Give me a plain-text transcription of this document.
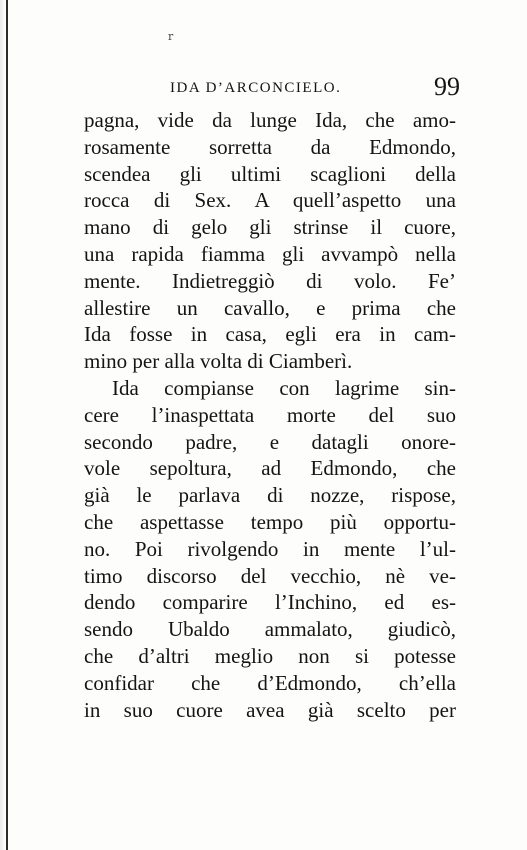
r
IDA D’ARCONCIELO.	99
pagna, vide da lunge Ida, che amo-
rosamente sorretta da Edmondo,
scendea gli ultimi scaglioni della
rocca di Sex. A quell’aspetto una
mano di gelo gli strinse il cuore,
una rapida fiamma gli avvampò nella
mente. Indietreggiò di volo. Fe’
allestire un cavallo, e prima che
Ida fosse in casa, egli era in cam-
mino per alla volta di Ciamberì.
Ida compianse con lagrime sin-
cere l’inaspettata morte del suo
secondo padre, e datagli onore-
vole sepoltura, ad Edmondo, che
già le parlava di nozze, rispose,
che aspettasse tempo più opportu-
no. Poi rivolgendo in mente l’ul-
timo discorso del vecchio, nè ve-
dendo comparire l’Inchino, ed es-
sendo Ubaldo ammalato, giudicò,
che d’altri meglio non si potesse
confidar che d’Edmondo, ch’ella
in suo cuore avea già scelto per
